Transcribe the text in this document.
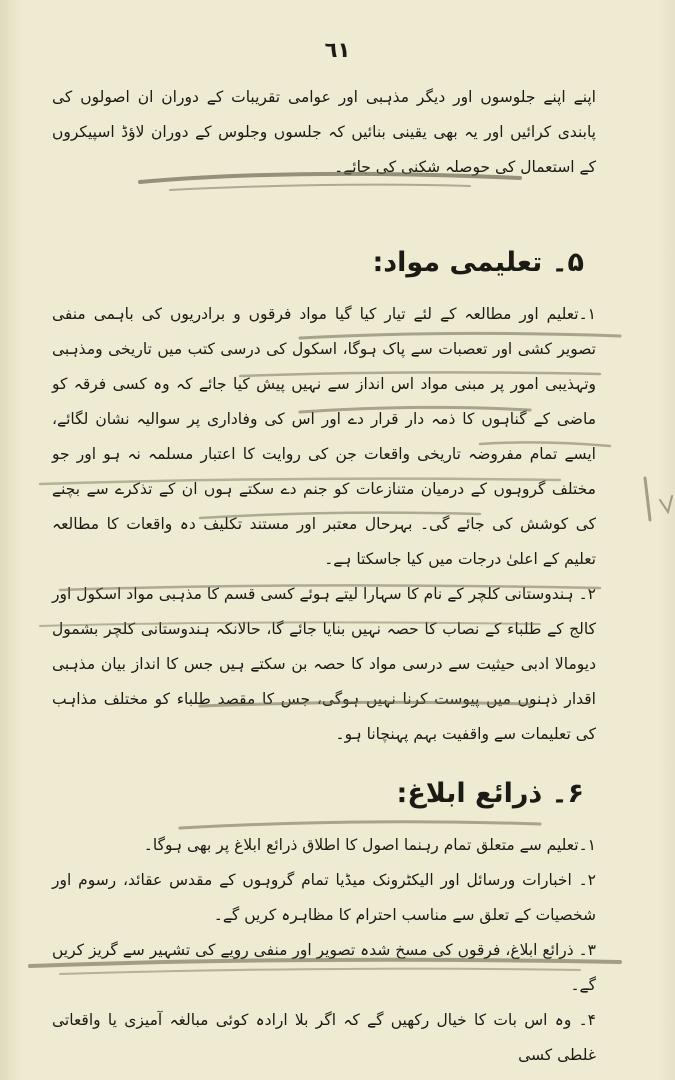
٦١

اپنے اپنے جلوسوں اور دیگر مذہبی اور عوامی تقریبات کے دوران ان اصولوں کی پابندی کرائیں اور یہ بھی یقینی بنائیں کہ جلسوں وجلوس کے دوران لاؤڈ اسپیکروں کے استعمال کی حوصلہ شکنی کی جائے۔

۵۔ تعلیمی مواد:

۱۔تعلیم اور مطالعہ کے لئے تیار کیا گیا مواد فرقوں و برادریوں کی باہمی منفی تصویر کشی اور تعصبات سے پاک ہوگا، اسکول کی درسی کتب میں تاریخی ومذہبی وتہذیبی امور پر مبنی مواد اس انداز سے نہیں پیش کیا جائے کہ وہ کسی فرقہ کو ماضی کے گناہوں کا ذمہ دار قرار دے اور اس کی وفاداری پر سوالیہ نشان لگائے، ایسے تمام مفروضہ تاریخی واقعات جن کی روایت کا اعتبار مسلمہ نہ ہو اور جو مختلف گروہوں کے درمیان متنازعات کو جنم دے سکتے ہوں ان کے تذکرے سے بچنے کی کوشش کی جائے گی۔ بہرحال معتبر اور مستند تکلیف دہ واقعات کا مطالعہ تعلیم کے اعلیٰ درجات میں کیا جاسکتا ہے۔

۲۔ ہندوستانی کلچر کے نام کا سہارا لیتے ہوئے کسی قسم کا مذہبی مواد اسکول اور کالج کے طلباء کے نصاب کا حصہ نہیں بنایا جائے گا، حالانکہ ہندوستانی کلچر بشمول دیومالا ادبی حیثیت سے درسی مواد کا حصہ بن سکتے ہیں جس کا انداز بیان مذہبی اقدار ذہنوں میں پیوست کرنا نہیں ہوگی، جس کا مقصد طلباء کو مختلف مذاہب کی تعلیمات سے واقفیت بہم پہنچانا ہو۔

۶۔ ذرائع ابلاغ:

۱۔تعلیم سے متعلق تمام رہنما اصول کا اطلاق ذرائع ابلاغ پر بھی ہوگا۔

۲۔ اخبارات ورسائل اور الیکٹرونک میڈیا تمام گروہوں کے مقدس عقائد، رسوم اور شخصیات کے تعلق سے مناسب احترام کا مظاہرہ کریں گے۔

۳۔ ذرائع ابلاغ، فرقوں کی مسخ شدہ تصویر اور منفی رویے کی تشہیر سے گریز کریں گے۔

۴۔ وہ اس بات کا خیال رکھیں گے کہ اگر بلا ارادہ کوئی مبالغہ آمیزی یا واقعاتی غلطی کسی
